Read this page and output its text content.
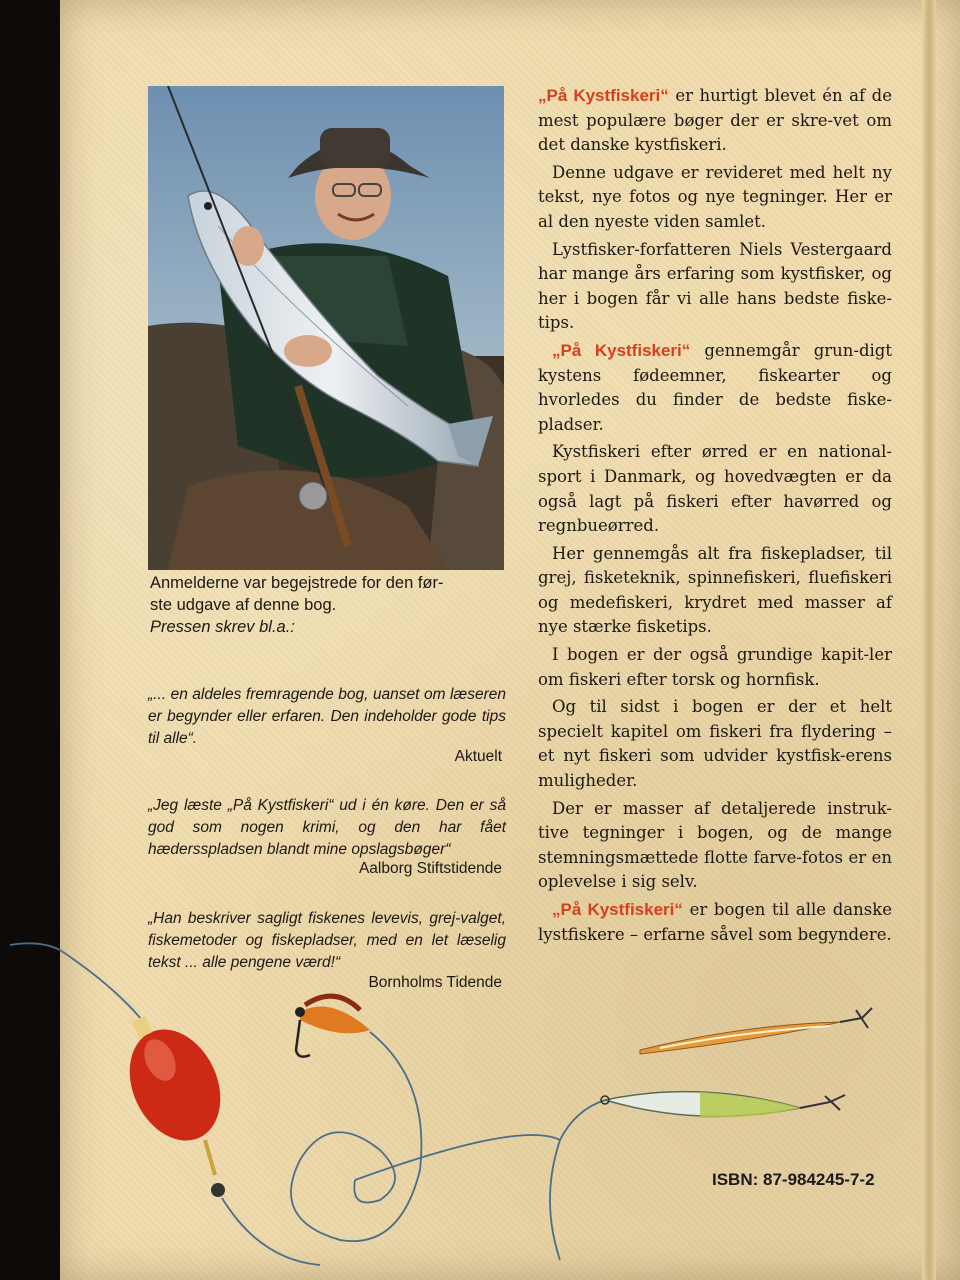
Anmelderne var begejstrede for den før-
ste udgave af denne bog.
Pressen skrev bl.a.:
„... en aldeles fremragende bog, uanset om læseren er begynder eller erfaren. Den indeholder gode tips til alle“.
Aktuelt
„Jeg læste „På Kystfiskeri“ ud i én køre. Den er så god som nogen krimi, og den har fået hædersspladsen blandt mine opslagsbøger“
Aalborg Stiftstidende
„Han beskriver sagligt fiskenes levevis, grej-valget, fiskemetoder og fiskepladser, med en let læselig tekst ... alle pengene værd!“
Bornholms Tidende

„På Kystfiskeri“ er hurtigt blevet én af de mest populære bøger der er skre-vet om det danske kystfiskeri.

Denne udgave er revideret med helt ny tekst, nye fotos og nye tegninger. Her er al den nyeste viden samlet.

Lystfisker-forfatteren Niels Vestergaard har mange års erfaring som kystfisker, og her i bogen får vi alle hans bedste fiske-tips.

„På Kystfiskeri“ gennemgår grun-digt kystens fødeemner, fiskearter og hvorledes du finder de bedste fiske-pladser.

Kystfiskeri efter ørred er en national-sport i Danmark, og hovedvægten er da også lagt på fiskeri efter havørred og regnbueørred.

Her gennemgås alt fra fiskepladser, til grej, fisketeknik, spinnefiskeri, fluefiskeri og medefiskeri, krydret med masser af nye stærke fisketips.

I bogen er der også grundige kapit-ler om fiskeri efter torsk og hornfisk.

Og til sidst i bogen er der et helt specielt kapitel om fiskeri fra flydering – et nyt fiskeri som udvider kystfisk-erens muligheder.

Der er masser af detaljerede instruk-tive tegninger i bogen, og de mange stemningsmættede flotte farve-fotos er en oplevelse i sig selv.

„På Kystfiskeri“ er bogen til alle danske lystfiskere – erfarne såvel som begyndere.

ISBN: 87-984245-7-2
